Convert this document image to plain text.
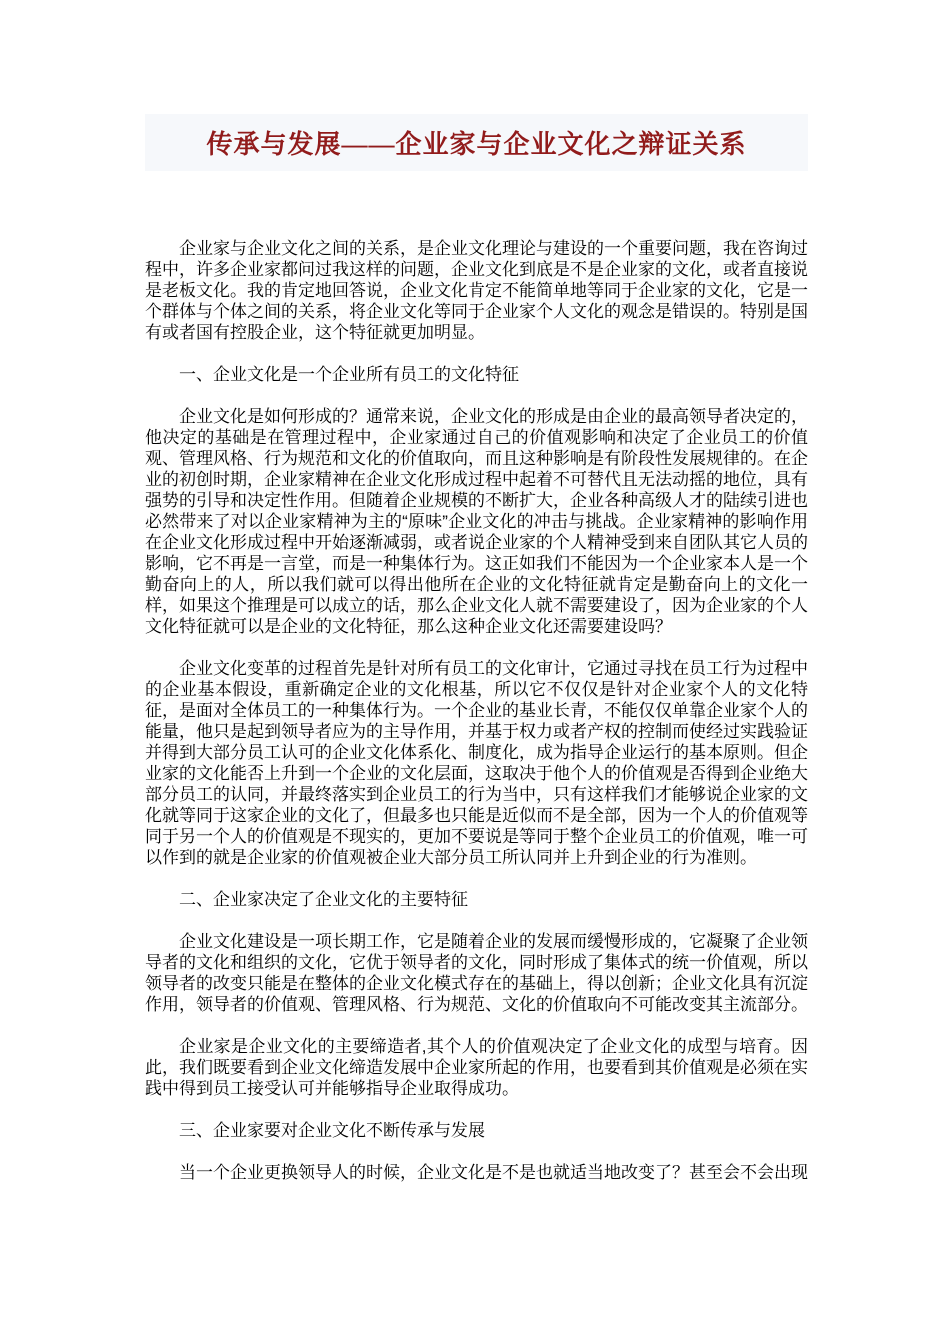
传承与发展——企业家与企业文化之辩证关系

企业家与企业文化之间的关系，是企业文化理论与建设的一个重要问题，我在咨询过程中，许多企业家都问过我这样的问题，企业文化到底是不是企业家的文化，或者直接说是老板文化。我的肯定地回答说，企业文化肯定不能简单地等同于企业家的文化，它是一个群体与个体之间的关系，将企业文化等同于企业家个人文化的观念是错误的。特别是国有或者国有控股企业，这个特征就更加明显。

一、企业文化是一个企业所有员工的文化特征

企业文化是如何形成的？通常来说，企业文化的形成是由企业的最高领导者决定的，他决定的基础是在管理过程中，企业家通过自己的价值观影响和决定了企业员工的价值观、管理风格、行为规范和文化的价值取向，而且这种影响是有阶段性发展规律的。在企业的初创时期，企业家精神在企业文化形成过程中起着不可替代且无法动摇的地位，具有强势的引导和决定性作用。但随着企业规模的不断扩大，企业各种高级人才的陆续引进也必然带来了对以企业家精神为主的“原味”企业文化的冲击与挑战。企业家精神的影响作用在企业文化形成过程中开始逐渐减弱，或者说企业家的个人精神受到来自团队其它人员的影响，它不再是一言堂，而是一种集体行为。这正如我们不能因为一个企业家本人是一个勤奋向上的人，所以我们就可以得出他所在企业的文化特征就肯定是勤奋向上的文化一样，如果这个推理是可以成立的话，那么企业文化人就不需要建设了，因为企业家的个人文化特征就可以是企业的文化特征，那么这种企业文化还需要建设吗？

企业文化变革的过程首先是针对所有员工的文化审计，它通过寻找在员工行为过程中的企业基本假设，重新确定企业的文化根基，所以它不仅仅是针对企业家个人的文化特征，是面对全体员工的一种集体行为。一个企业的基业长青，不能仅仅单靠企业家个人的能量，他只是起到领导者应为的主导作用，并基于权力或者产权的控制而使经过实践验证并得到大部分员工认可的企业文化体系化、制度化，成为指导企业运行的基本原则。但企业家的文化能否上升到一个企业的文化层面，这取决于他个人的价值观是否得到企业绝大部分员工的认同，并最终落实到企业员工的行为当中，只有这样我们才能够说企业家的文化就等同于这家企业的文化了，但最多也只能是近似而不是全部，因为一个人的价值观等同于另一个人的价值观是不现实的，更加不要说是等同于整个企业员工的价值观，唯一可以作到的就是企业家的价值观被企业大部分员工所认同并上升到企业的行为准则。

二、企业家决定了企业文化的主要特征

企业文化建设是一项长期工作，它是随着企业的发展而缓慢形成的，它凝聚了企业领导者的文化和组织的文化，它优于领导者的文化，同时形成了集体式的统一价值观，所以领导者的改变只能是在整体的企业文化模式存在的基础上，得以创新；企业文化具有沉淀作用，领导者的价值观、管理风格、行为规范、文化的价值取向不可能改变其主流部分。

企业家是企业文化的主要缔造者,其个人的价值观决定了企业文化的成型与培育。因此，我们既要看到企业文化缔造发展中企业家所起的作用，也要看到其价值观是必须在实践中得到员工接受认可并能够指导企业取得成功。

三、企业家要对企业文化不断传承与发展

当一个企业更换领导人的时候，企业文化是不是也就适当地改变了？甚至会不会出现
